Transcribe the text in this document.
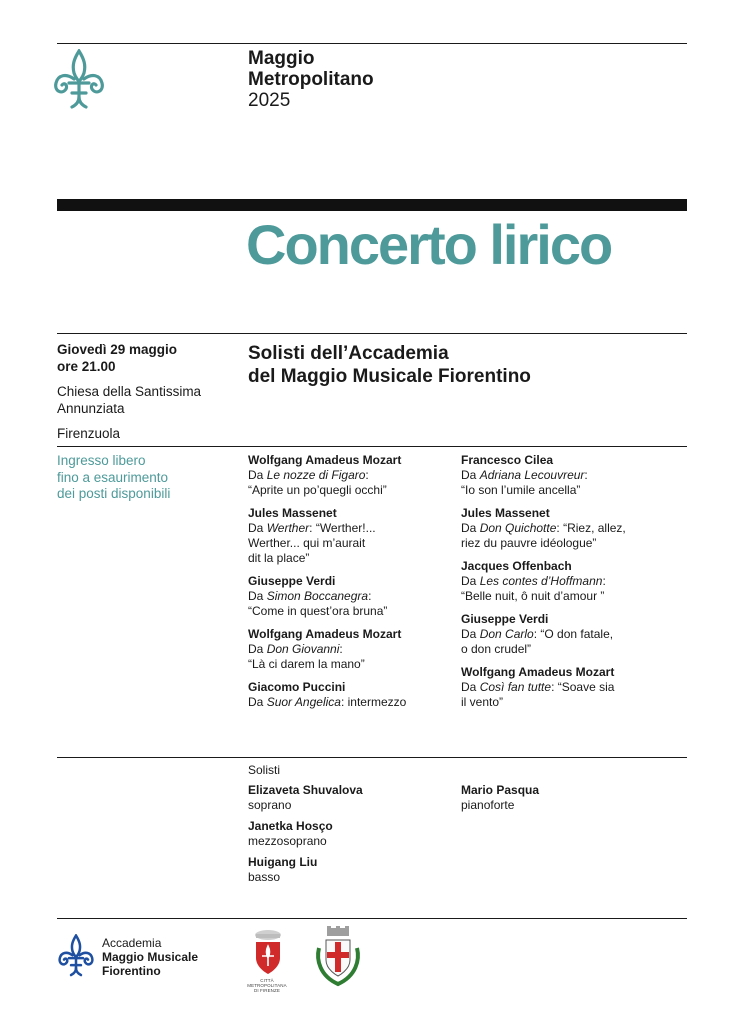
Maggio
Metropolitano
2025
Concerto lirico
Giovedì 29 maggio
ore 21.00
Chiesa della Santissima
Annunziata
Firenzuola
Solisti dell’Accademia
del Maggio Musicale Fiorentino
Ingresso libero
fino a esaurimento
dei posti disponibili
Wolfgang Amadeus Mozart
Da Le nozze di Figaro:
“Aprite un po’quegli occhi”
Jules Massenet
Da Werther: “Werther!...
Werther... qui m’aurait
dit la place”
Giuseppe Verdi
Da Simon Boccanegra:
“Come in quest’ora bruna”
Wolfgang Amadeus Mozart
Da Don Giovanni:
“Là ci darem la mano”
Giacomo Puccini
Da Suor Angelica: intermezzo
Francesco Cilea
Da Adriana Lecouvreur:
“Io son l’umile ancella”
Jules Massenet
Da Don Quichotte: “Riez, allez,
riez du pauvre idéologue”
Jacques Offenbach
Da Les contes d’Hoffmann:
“Belle nuit, ô nuit d’amour ”
Giuseppe Verdi
Da Don Carlo: “O don fatale,
o don crudel”
Wolfgang Amadeus Mozart
Da Così fan tutte: “Soave sia
il vento”
Solisti
Elizaveta Shuvalova
soprano
Janetka Hosço
mezzosoprano
Huigang Liu
basso
Mario Pasqua
pianoforte
Accademia
Maggio Musicale
Fiorentino
CITTÀ METROPOLITANA DI FIRENZE
